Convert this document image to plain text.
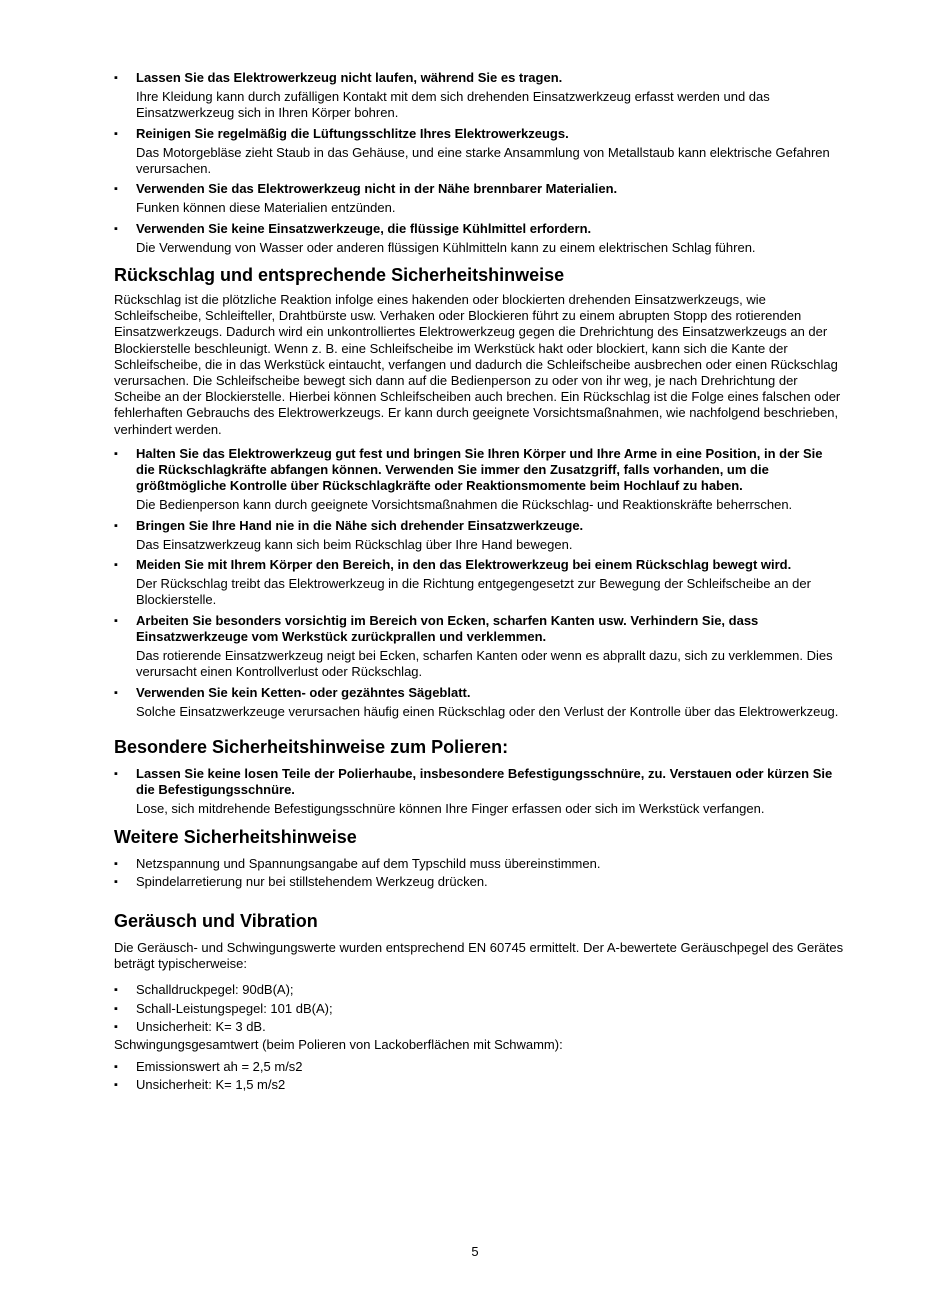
▪ Lassen Sie das Elektrowerkzeug nicht laufen, während Sie es tragen.

Ihre Kleidung kann durch zufälligen Kontakt mit dem sich drehenden Einsatzwerkzeug erfasst werden und das Einsatzwerkzeug sich in Ihren Körper bohren.

▪ Reinigen Sie regelmäßig die Lüftungsschlitze Ihres Elektrowerkzeugs.

Das Motorgebläse zieht Staub in das Gehäuse, und eine starke Ansammlung von Metallstaub kann elektrische Gefahren verursachen.

▪ Verwenden Sie das Elektrowerkzeug nicht in der Nähe brennbarer Materialien.

Funken können diese Materialien entzünden.

▪ Verwenden Sie keine Einsatzwerkzeuge, die flüssige Kühlmittel erfordern.

Die Verwendung von Wasser oder anderen flüssigen Kühlmitteln kann zu einem elektrischen Schlag führen.

Rückschlag und entsprechende Sicherheitshinweise

Rückschlag ist die plötzliche Reaktion infolge eines hakenden oder blockierten drehenden Einsatzwerkzeugs, wie Schleifscheibe, Schleifteller, Drahtbürste usw. Verhaken oder Blockieren führt zu einem abrupten Stopp des rotierenden Einsatzwerkzeugs. Dadurch wird ein unkontrolliertes Elektrowerkzeug gegen die Drehrichtung des Einsatzwerkzeugs an der Blockierstelle beschleunigt. Wenn z. B. eine Schleifscheibe im Werkstück hakt oder blockiert, kann sich die Kante der Schleifscheibe, die in das Werkstück eintaucht, verfangen und dadurch die Schleifscheibe ausbrechen oder einen Rückschlag verursachen. Die Schleifscheibe bewegt sich dann auf die Bedienperson zu oder von ihr weg, je nach Drehrichtung der Scheibe an der Blockierstelle. Hierbei können Schleifscheiben auch brechen. Ein Rückschlag ist die Folge eines falschen oder fehlerhaften Gebrauchs des Elektrowerkzeugs. Er kann durch geeignete Vorsichtsmaßnahmen, wie nachfolgend beschrieben, verhindert werden.

▪ Halten Sie das Elektrowerkzeug gut fest und bringen Sie Ihren Körper und Ihre Arme in eine Position, in der Sie die Rückschlagkräfte abfangen können. Verwenden Sie immer den Zusatzgriff, falls vorhanden, um die größtmögliche Kontrolle über Rückschlagkräfte oder Reaktionsmomente beim Hochlauf zu haben.

Die Bedienperson kann durch geeignete Vorsichtsmaßnahmen die Rückschlag- und Reaktionskräfte beherrschen.

▪ Bringen Sie Ihre Hand nie in die Nähe sich drehender Einsatzwerkzeuge.

Das Einsatzwerkzeug kann sich beim Rückschlag über Ihre Hand bewegen.

▪ Meiden Sie mit Ihrem Körper den Bereich, in den das Elektrowerkzeug bei einem Rückschlag bewegt wird.

Der Rückschlag treibt das Elektrowerkzeug in die Richtung entgegengesetzt zur Bewegung der Schleifscheibe an der Blockierstelle.

▪ Arbeiten Sie besonders vorsichtig im Bereich von Ecken, scharfen Kanten usw. Verhindern Sie, dass Einsatzwerkzeuge vom Werkstück zurückprallen und verklemmen.

Das rotierende Einsatzwerkzeug neigt bei Ecken, scharfen Kanten oder wenn es abprallt dazu, sich zu verklemmen. Dies verursacht einen Kontrollverlust oder Rückschlag.

▪ Verwenden Sie kein Ketten- oder gezähntes Sägeblatt.

Solche Einsatzwerkzeuge verursachen häufig einen Rückschlag oder den Verlust der Kontrolle über das Elektrowerkzeug.

Besondere Sicherheitshinweise zum Polieren:

▪ Lassen Sie keine losen Teile der Polierhaube, insbesondere Befestigungsschnüre, zu. Verstauen oder kürzen Sie die Befestigungsschnüre.

Lose, sich mitdrehende Befestigungsschnüre können Ihre Finger erfassen oder sich im Werkstück verfangen.

Weitere Sicherheitshinweise

▪ Netzspannung und Spannungsangabe auf dem Typschild muss übereinstimmen.

▪ Spindelarretierung nur bei stillstehendem Werkzeug drücken.

Geräusch und Vibration

Die Geräusch- und Schwingungswerte wurden entsprechend EN 60745 ermittelt. Der A-bewertete Geräuschpegel des Gerätes beträgt typischerweise:

▪ Schalldruckpegel: 90dB(A);

▪ Schall-Leistungspegel: 101 dB(A);

▪ Unsicherheit: K= 3 dB.

Schwingungsgesamtwert (beim Polieren von Lackoberflächen mit Schwamm):

▪ Emissionswert ah = 2,5 m/s2

▪ Unsicherheit: K= 1,5 m/s2

5
